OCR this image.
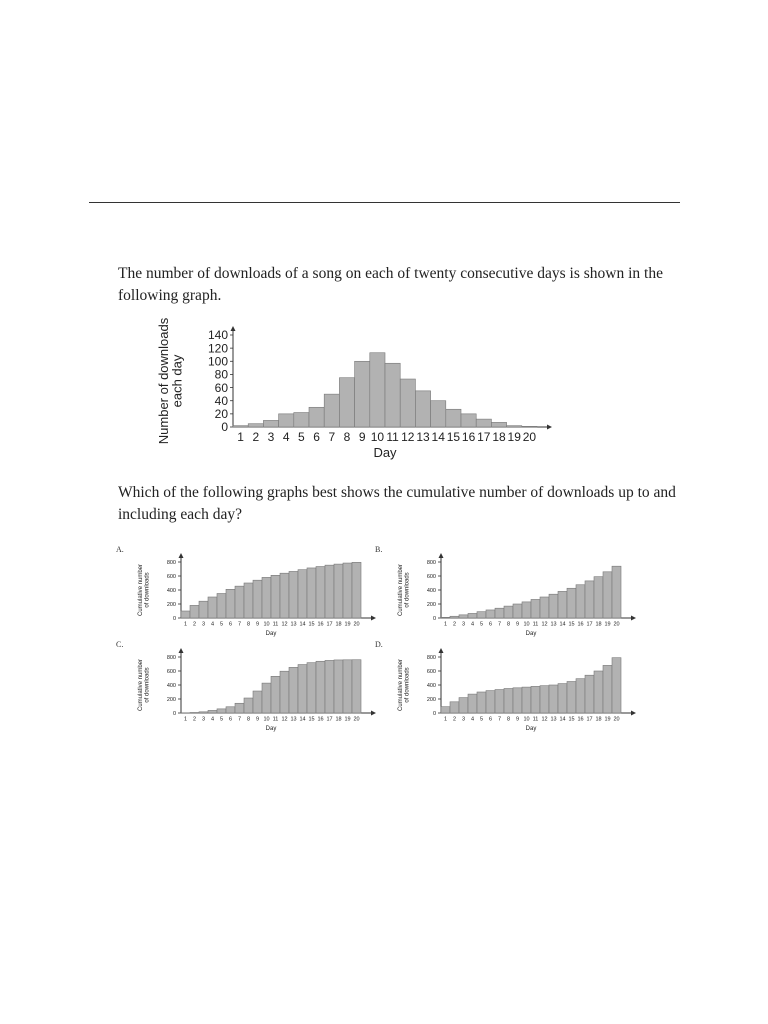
The number of downloads of a song on each of twenty consecutive days is shown in the following graph.
0
20
40
60
80
100
120
140
1 2 3 4 5 6 7 8 9 10 11 12 13 14 15 16 17 18 19 20
Day
Number of downloadseach day
Which of the following graphs best shows the cumulative number of downloads up to and including each day?
A.	B.
C.	D.
0
200
400
600
800
1 2 3 4 5 6 7 8 9 10 11 12 13 14 15 16 17 18 19 20
Day
Cumulative numberof downloads
0
200
400
600
800
1 2 3 4 5 6 7 8 9 10 11 12 13 14 15 16 17 18 19 20
Day
Cumulative numberof downloads
0
200
400
600
800
1 2 3 4 5 6 7 8 9 10 11 12 13 14 15 16 17 18 19 20
Day
Cumulative numberof downloads
0
200
400
600
800
1 2 3 4 5 6 7 8 9 10 11 12 13 14 15 16 17 18 19 20
Day
Cumulative numberof downloads
